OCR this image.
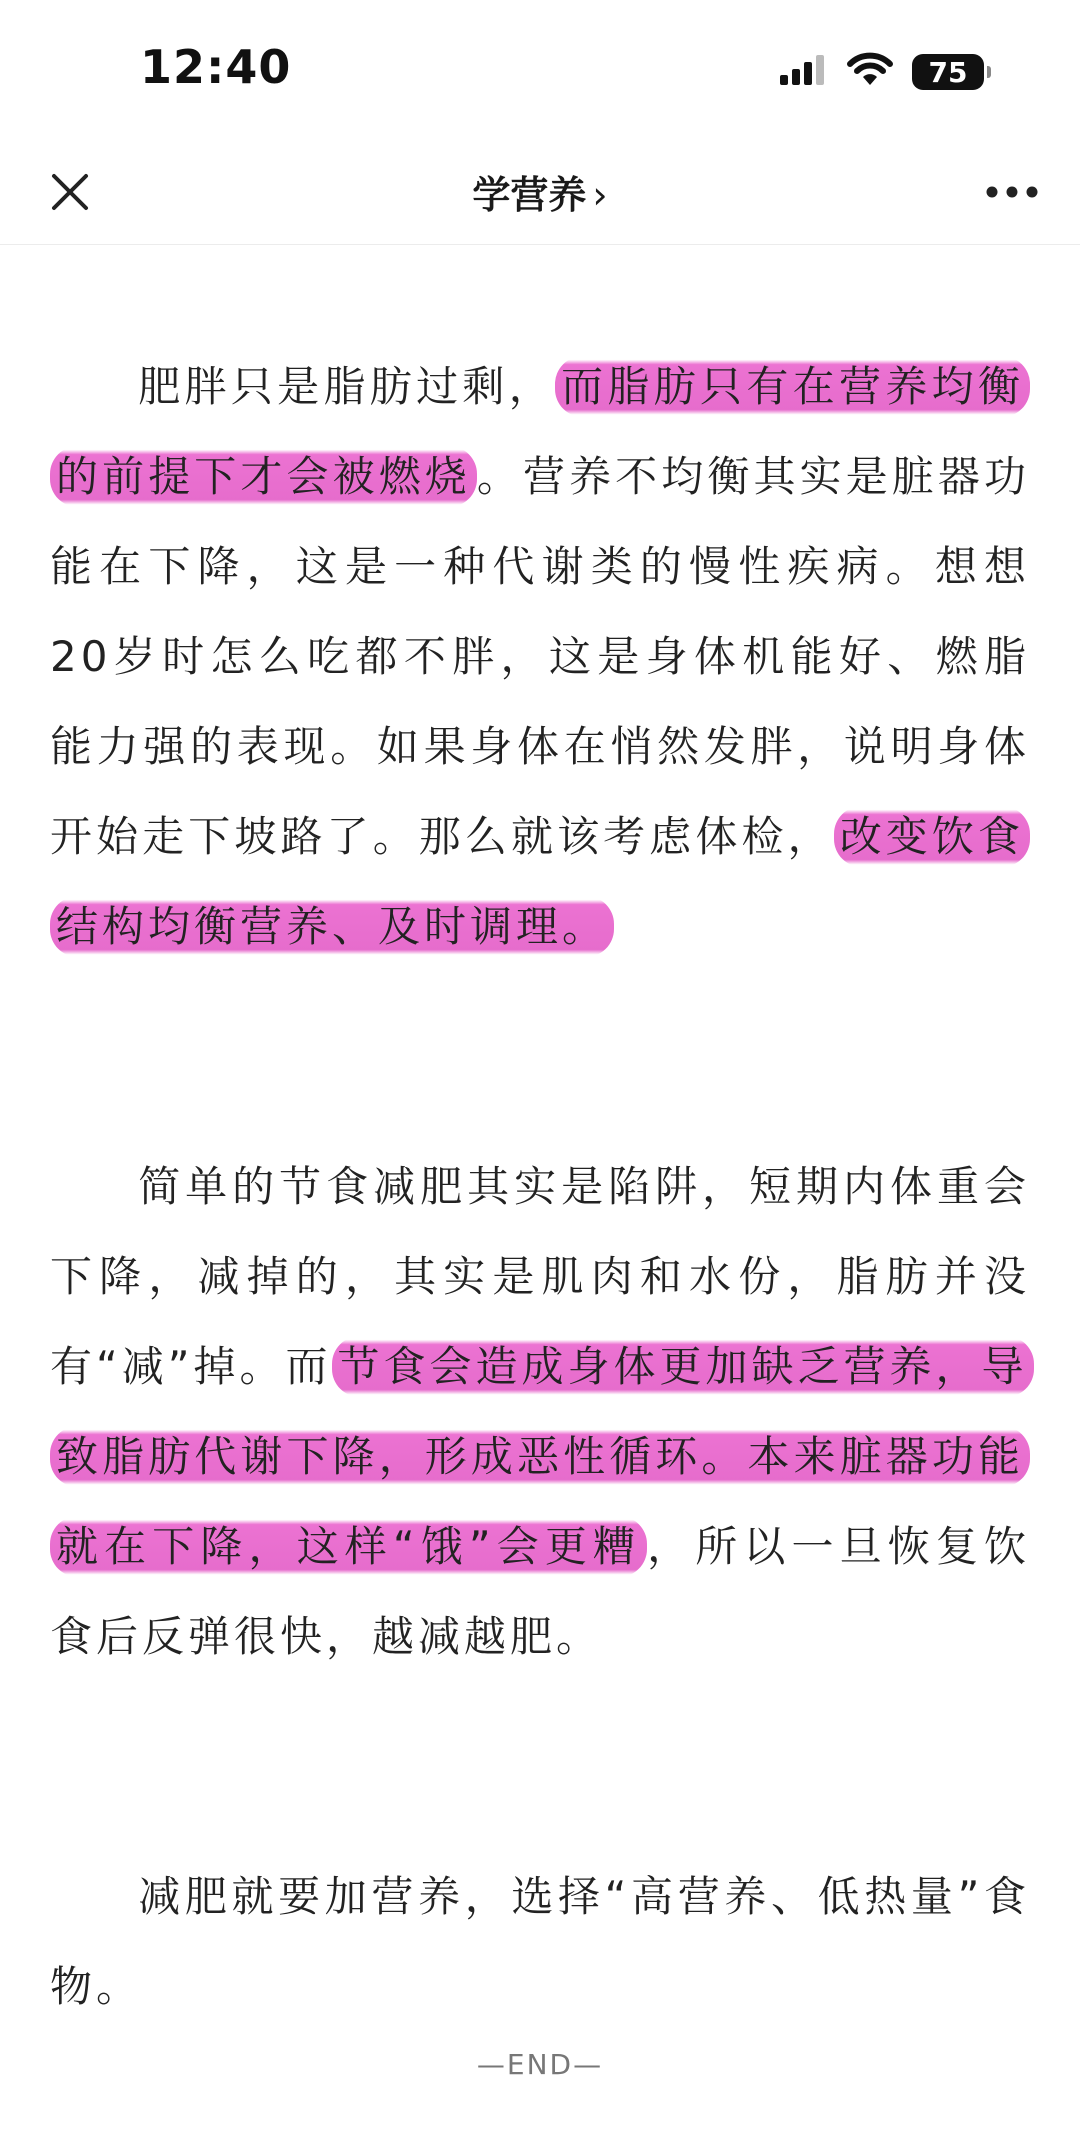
12:40	75
学营养 ›

肥胖只是脂肪过剩， 而脂肪只有在营养均衡的前提下才会被燃烧 。营养不均衡其实是脏器功能在下降，这是一种代谢类的慢性疾病。想想20岁时怎么吃都不胖，这是身体机能好、燃脂能力强的表现。如果身体在悄然发胖，说明身体开始走下坡路了。那么就该考虑体检， 改变饮食结构均衡营养、及时调理。

简单的节食减肥其实是陷阱，短期内体重会下降，减掉的，其实是肌肉和水份，脂肪并没有“减”掉。而 节食会造成身体更加缺乏营养，导致脂肪代谢下降，形成恶性循环。本来脏器功能就在下降，这样“饿”会更糟 ，所以一旦恢复饮食后反弹很快，越减越肥。

减肥就要加营养，选择“高营养、低热量”食物。

—END—
